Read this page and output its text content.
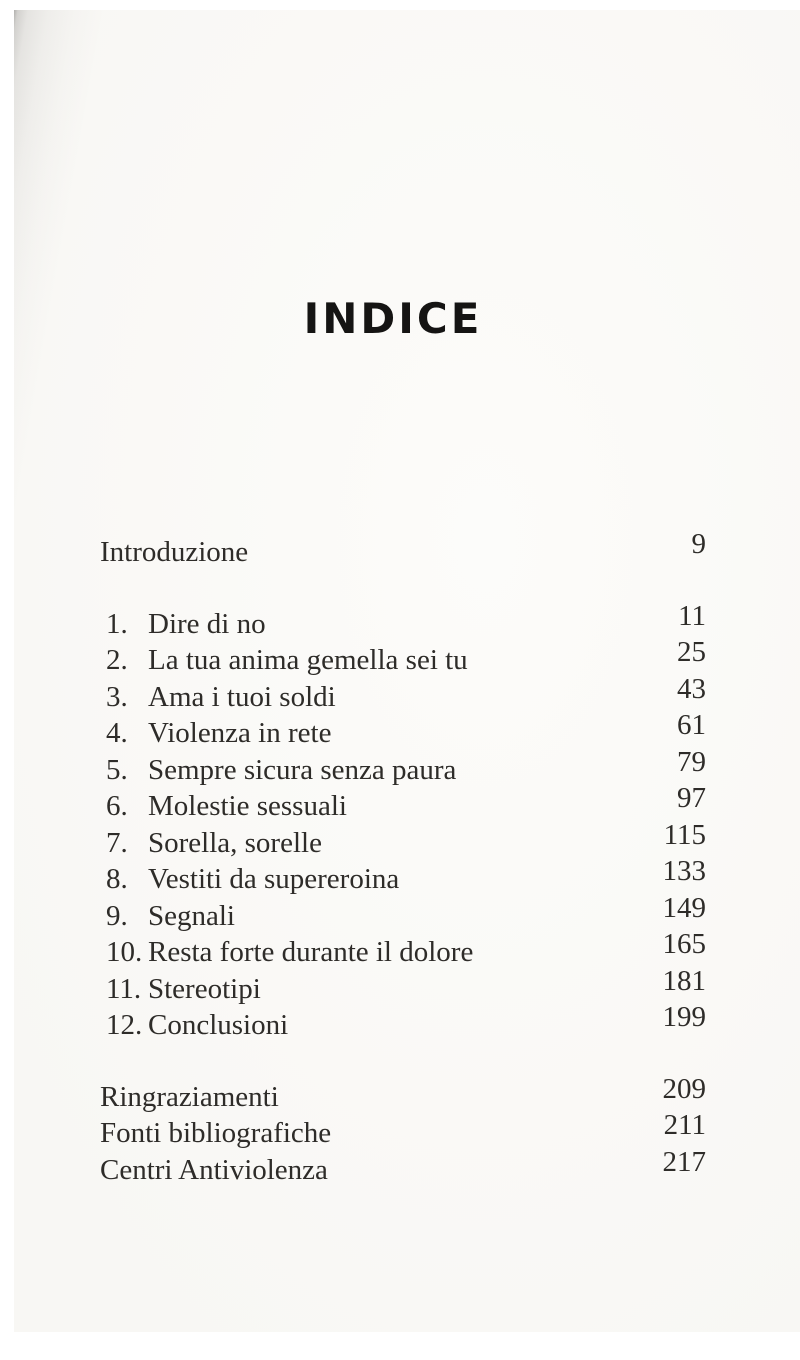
INDICE
Introduzione	9
1. Dire di no	11
2. La tua anima gemella sei tu	25
3. Ama i tuoi soldi	43
4. Violenza in rete	61
5. Sempre sicura senza paura	79
6. Molestie sessuali	97
7. Sorella, sorelle	115
8. Vestiti da supereroina	133
9. Segnali	149
10. Resta forte durante il dolore	165
11. Stereotipi	181
12. Conclusioni	199
Ringraziamenti	209
Fonti bibliografiche	211
Centri Antiviolenza	217
